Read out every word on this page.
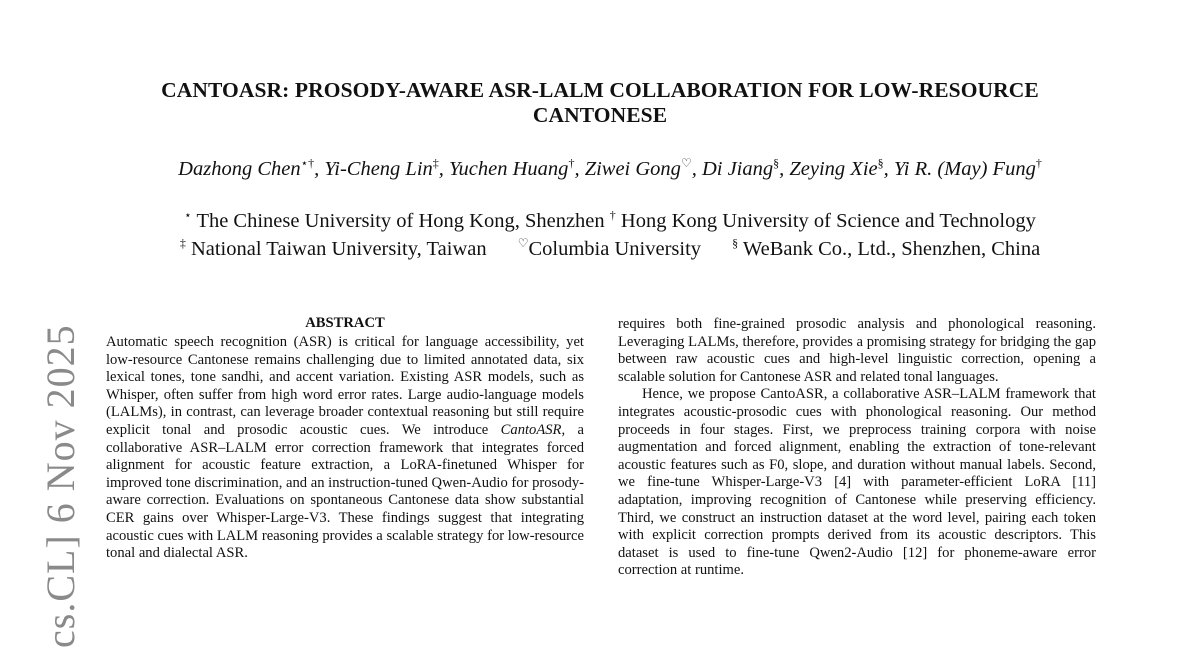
cs.CL] 6 Nov 2025
CANTOASR: PROSODY-AWARE ASR-LALM COLLABORATION FOR LOW-RESOURCE CANTONESE
Dazhong Chen⋆†, Yi-Cheng Lin‡, Yuchen Huang†, Ziwei Gong♡, Di Jiang§, Zeying Xie§, Yi R. (May) Fung†
⋆ The Chinese University of Hong Kong, Shenzhen † Hong Kong University of Science and Technology
‡ National Taiwan University, Taiwan	♡Columbia University	§ WeBank Co., Ltd., Shenzhen, China
ABSTRACT

Automatic speech recognition (ASR) is critical for language accessibility, yet low-resource Cantonese remains challenging due to limited annotated data, six lexical tones, tone sandhi, and accent variation. Existing ASR models, such as Whisper, often suffer from high word error rates. Large audio-language models (LALMs), in contrast, can leverage broader contextual reasoning but still require explicit tonal and prosodic acoustic cues. We introduce CantoASR, a collaborative ASR–LALM error correction framework that integrates forced alignment for acoustic feature extraction, a LoRA-finetuned Whisper for improved tone discrimination, and an instruction-tuned Qwen-Audio for prosody-aware correction. Evaluations on spontaneous Cantonese data show substantial CER gains over Whisper-Large-V3. These findings suggest that integrating acoustic cues with LALM reasoning provides a scalable strategy for low-resource tonal and dialectal ASR.

requires both fine-grained prosodic analysis and phonological reasoning. Leveraging LALMs, therefore, provides a promising strategy for bridging the gap between raw acoustic cues and high-level linguistic correction, opening a scalable solution for Cantonese ASR and related tonal languages.

Hence, we propose CantoASR, a collaborative ASR–LALM framework that integrates acoustic-prosodic cues with phonological reasoning. Our method proceeds in four stages. First, we preprocess training corpora with noise augmentation and forced alignment, enabling the extraction of tone-relevant acoustic features such as F0, slope, and duration without manual labels. Second, we fine-tune Whisper-Large-V3 [4] with parameter-efficient LoRA [11] adaptation, improving recognition of Cantonese while preserving efficiency. Third, we construct an instruction dataset at the word level, pairing each token with explicit correction prompts derived from its acoustic descriptors. This dataset is used to fine-tune Qwen2-Audio [12] for phoneme-aware error correction at runtime.
